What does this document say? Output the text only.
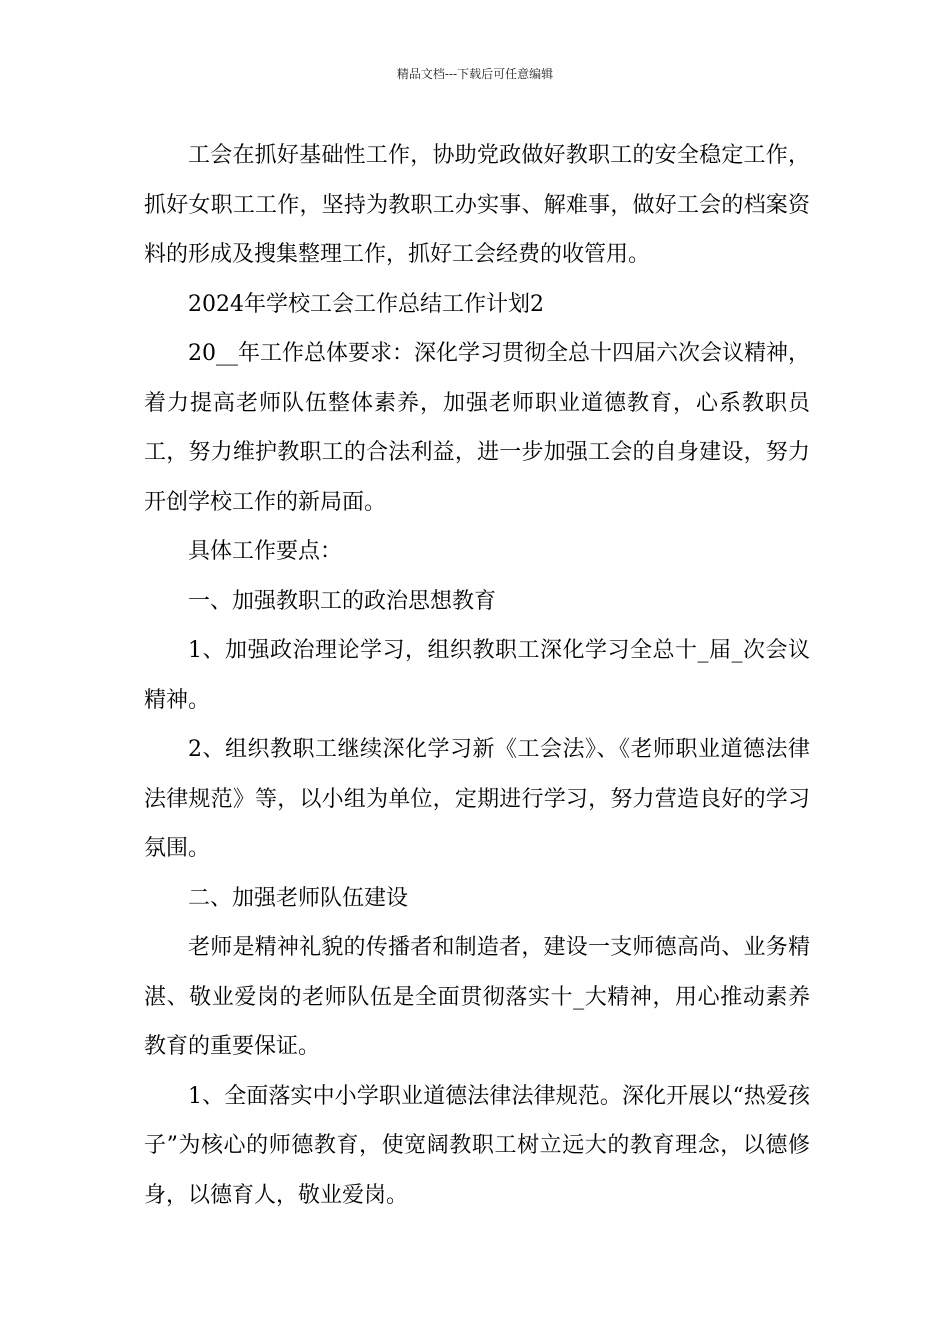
精品文档---下载后可任意编辑

工会在抓好基础性工作，协助党政做好教职工的安全稳定工作，抓好女职工工作，坚持为教职工办实事、解难事，做好工会的档案资料的形成及搜集整理工作，抓好工会经费的收管用。

2024年学校工会工作总结工作计划2

20__年工作总体要求：深化学习贯彻全总十四届六次会议精神，着力提高老师队伍整体素养，加强老师职业道德教育，心系教职员工，努力维护教职工的合法利益，进一步加强工会的自身建设，努力开创学校工作的新局面。

具体工作要点：

一、加强教职工的政治思想教育

1、加强政治理论学习，组织教职工深化学习全总十_届_次会议精神。

2、组织教职工继续深化学习新《工会法》、《老师职业道德法律法律规范》等，以小组为单位，定期进行学习，努力营造良好的学习氛围。

二、加强老师队伍建设

老师是精神礼貌的传播者和制造者，建设一支师德高尚、业务精湛、敬业爱岗的老师队伍是全面贯彻落实十_大精神，用心推动素养教育的重要保证。

1、全面落实中小学职业道德法律法律规范。深化开展以“热爱孩子”为核心的师德教育，使宽阔教职工树立远大的教育理念，以德修身，以德育人，敬业爱岗。
